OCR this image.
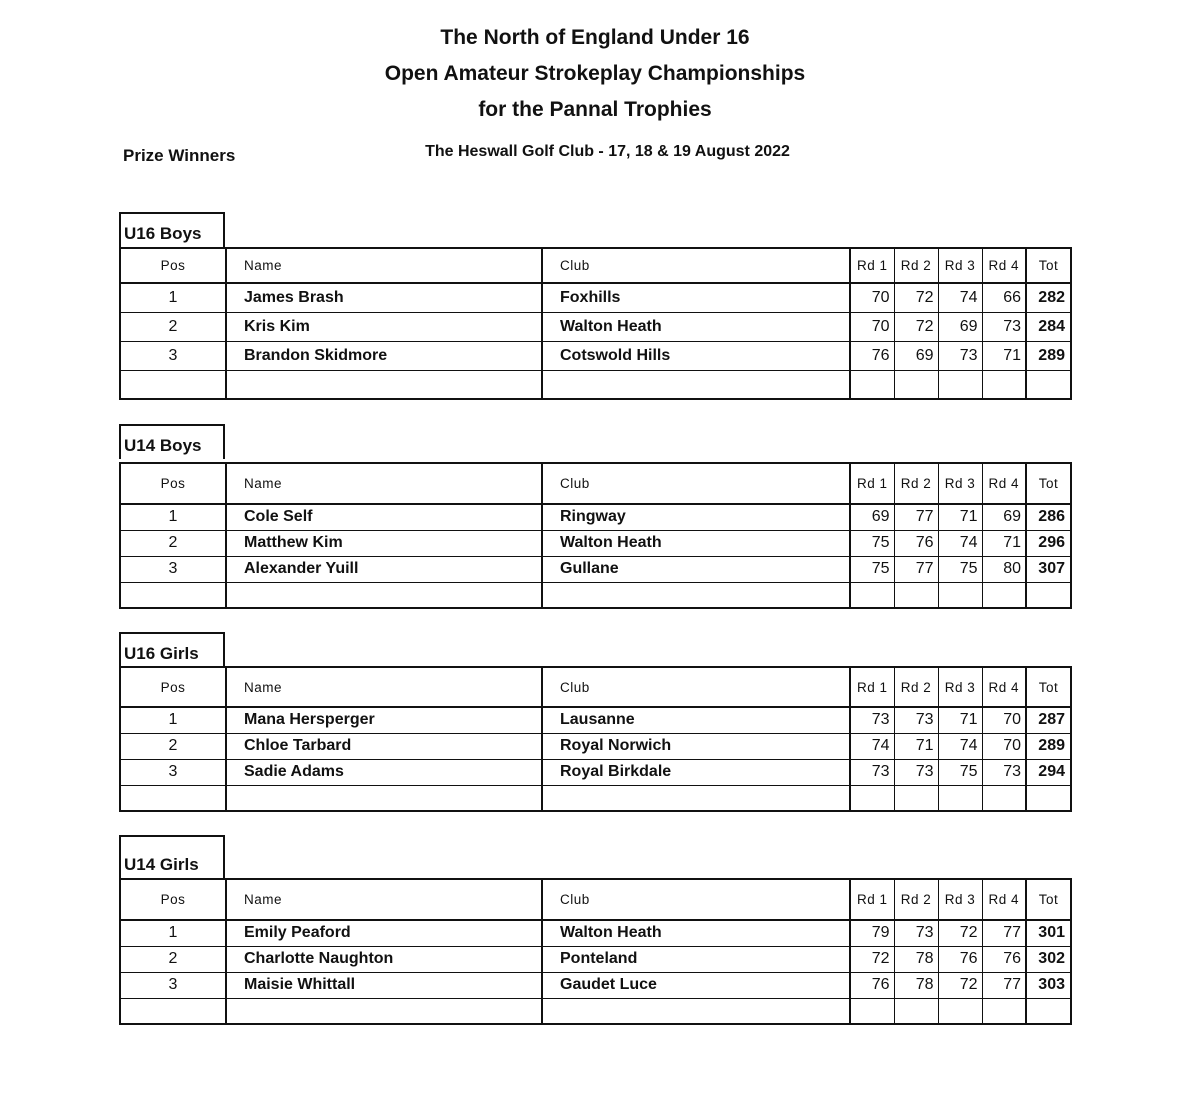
The North of England Under 16
Open Amateur Strokeplay Championships
for the Pannal Trophies
Prize Winners	The Heswall Golf Club - 17, 18 & 19 August 2022
U16 Boys
Pos	Name	Club	Rd 1	Rd 2	Rd 3	Rd 4	Tot
1	James Brash	Foxhills	70	72	74	66	282
2	Kris Kim	Walton Heath	70	72	69	73	284
3	Brandon Skidmore	Cotswold Hills	76	69	73	71	289

U14 Boys
Pos	Name	Club	Rd 1	Rd 2	Rd 3	Rd 4	Tot
1	Cole Self	Ringway	69	77	71	69	286
2	Matthew Kim	Walton Heath	75	76	74	71	296
3	Alexander Yuill	Gullane	75	77	75	80	307

U16 Girls
Pos	Name	Club	Rd 1	Rd 2	Rd 3	Rd 4	Tot
1	Mana Hersperger	Lausanne	73	73	71	70	287
2	Chloe Tarbard	Royal Norwich	74	71	74	70	289
3	Sadie Adams	Royal Birkdale	73	73	75	73	294

U14 Girls
Pos	Name	Club	Rd 1	Rd 2	Rd 3	Rd 4	Tot
1	Emily Peaford	Walton Heath	79	73	72	77	301
2	Charlotte Naughton	Ponteland	72	78	76	76	302
3	Maisie Whittall	Gaudet Luce	76	78	72	77	303
